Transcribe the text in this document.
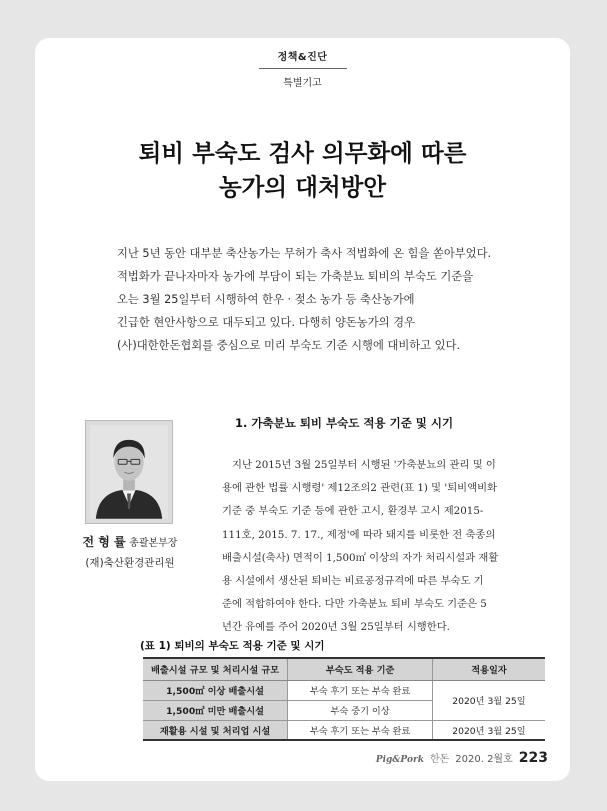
정책&진단
특별기고
퇴비 부숙도 검사 의무화에 따른
농가의 대처방안
지난 5년 동안 대부분 축산농가는 무허가 축사 적법화에 온 힘을 쏟아부었다.
적법화가 끝나자마자 농가에 부담이 되는 가축분뇨 퇴비의 부숙도 기준을
오는 3월 25일부터 시행하여 한우 · 젖소 농가 등 축산농가에
긴급한 현안사항으로 대두되고 있다. 다행히 양돈농가의 경우
(사)대한한돈협회를 중심으로 미리 부숙도 기준 시행에 대비하고 있다.
전 형 률 총괄본부장
(재)축산환경관리원
1. 가축분뇨 퇴비 부숙도 적용 기준 및 시기
지난 2015년 3월 25일부터 시행된 '가축분뇨의 관리 및 이
용에 관한 법률 시행령' 제12조의2 관련(표 1) 및 '퇴비액비화
기준 중 부숙도 기준 등에 관한 고시, 환경부 고시 제2015-
111호, 2015. 7. 17., 제정'에 따라 돼지를 비롯한 전 축종의
배출시설(축사) 면적이 1,500㎡ 이상의 자가 처리시설과 재활
용 시설에서 생산된 퇴비는 비료공정규격에 따른 부숙도 기
준에 적합하여야 한다. 다만 가축분뇨 퇴비 부숙도 기준은 5
년간 유예를 주어 2020년 3월 25일부터 시행한다.
(표 1) 퇴비의 부숙도 적용 기준 및 시기
배출시설 규모 및 처리시설 규모	부숙도 적용 기준	적용일자
1,500㎡ 이상 배출시설	부숙 후기 또는 부숙 완료	2020년 3월 25일
1,500㎡ 미만 배출시설	부숙 중기 이상	
재활용 시설 및 처리업 시설	부숙 후기 또는 부숙 완료	2020년 3월 25일
Pig&Pork 한돈 2020. 2월호 223
